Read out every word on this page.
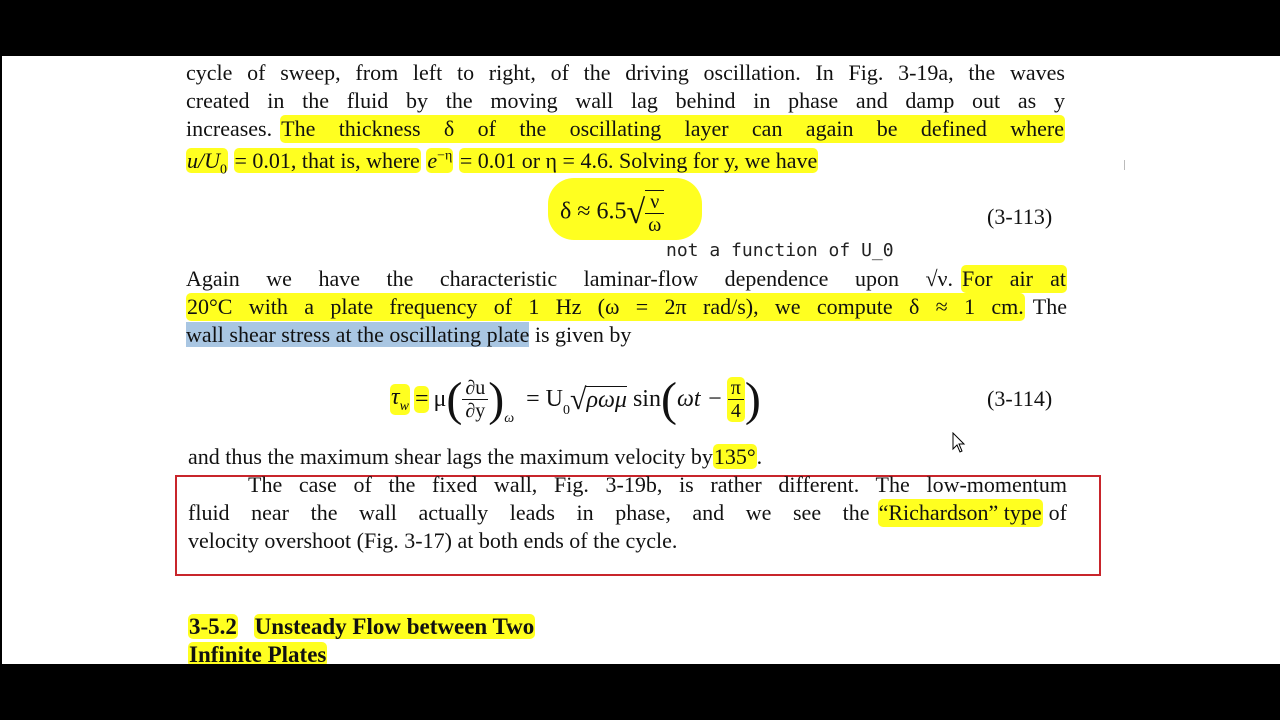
cycle of sweep, from left to right, of the driving oscillation. In Fig. 3-19a, the waves
created in the fluid by the moving wall lag behind in phase and damp out as y
increases. The thickness δ of the oscillating layer can again be defined where
$u/U_0 = 0.01$, that is, where $e^{-\eta} = 0.01$ or η = 4.6. Solving for y, we have
$\delta \approx 6.5√ \frac{\nu}{\omega}$	(3-113)
not a function of U_0
Again we have the characteristic laminar-flow dependence upon √ν. For air at
20°C with a plate frequency of 1 Hz (ω = 2π rad/s), we compute δ ≈ 1 cm. The
wall shear stress at the oscillating plate is given by
$\tau_w = \mu$ ( $\frac{\partial u}{\partial y}$ ) ω
= $U_0$ √ ρωμ sin ( $\omega t - \frac{\pi}{4}$ )	(3-114)
and thus the maximum shear lags the maximum velocity by135°.
The case of the fixed wall, Fig. 3-19b, is rather different. The low-momentum
fluid near the wall actually leads in phase, and we see the “Richardson” type of
velocity overshoot (Fig. 3-17) at both ends of the cycle.
3-5.2 Unsteady Flow between Two
Infinite Plates
